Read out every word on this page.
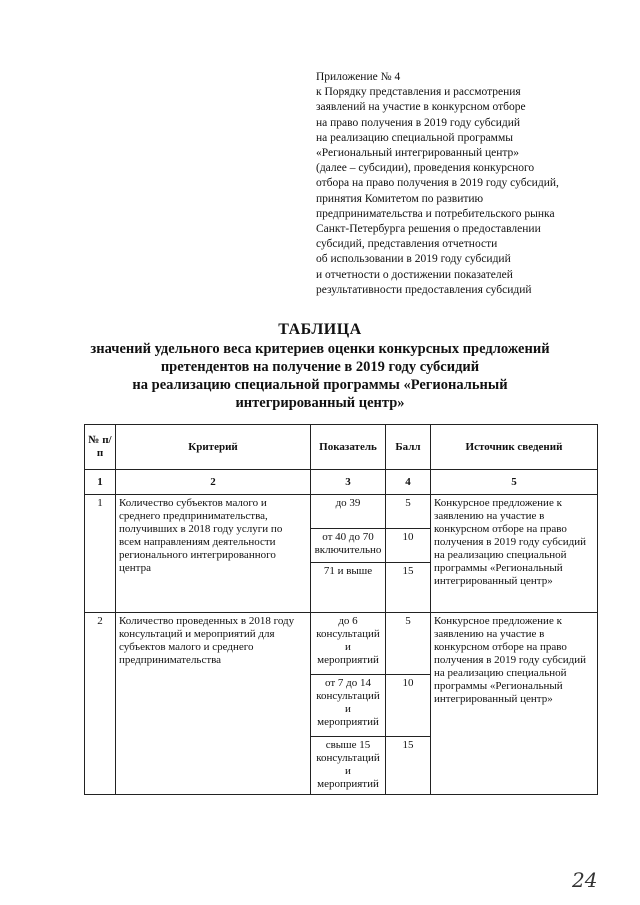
Приложение № 4
к Порядку представления и рассмотрения
заявлений на участие в конкурсном отборе
на право получения в 2019 году субсидий
на реализацию специальной программы
«Региональный интегрированный центр»
(далее – субсидии), проведения конкурсного
отбора на право получения в 2019 году субсидий,
принятия Комитетом по развитию
предпринимательства и потребительского рынка
Санкт-Петербурга решения о предоставлении
субсидий, представления отчетности
об использовании в 2019 году субсидий
и отчетности о достижении показателей
результативности предоставления субсидий
ТАБЛИЦА
значений удельного веса критериев оценки конкурсных предложений
претендентов на получение в 2019 году субсидий
на реализацию специальной программы «Региональный
интегрированный центр»
№ п/п	Критерий	Показатель	Балл	Источник сведений
1	2	3	4	5
1	Количество субъектов малого и среднего предпринимательства, получивших в 2018 году услуги по всем направлениям деятельности регионального интегрированного центра	до 39	5	Конкурсное предложение к заявлению на участие в конкурсном отборе на право получения в 2019 году субсидий на реализацию специальной программы «Региональный интегрированный центр»
		от 40 до 70 включительно	10	
		71 и выше	15	
2	Количество проведенных в 2018 году консультаций и мероприятий для субъектов малого и среднего предпринимательства	до 6 консультаций и мероприятий	5	Конкурсное предложение к заявлению на участие в конкурсном отборе на право получения в 2019 году субсидий на реализацию специальной программы «Региональный интегрированный центр»
		от 7 до 14 консультаций и мероприятий	10	
		свыше 15 консультаций и мероприятий	15	
24
